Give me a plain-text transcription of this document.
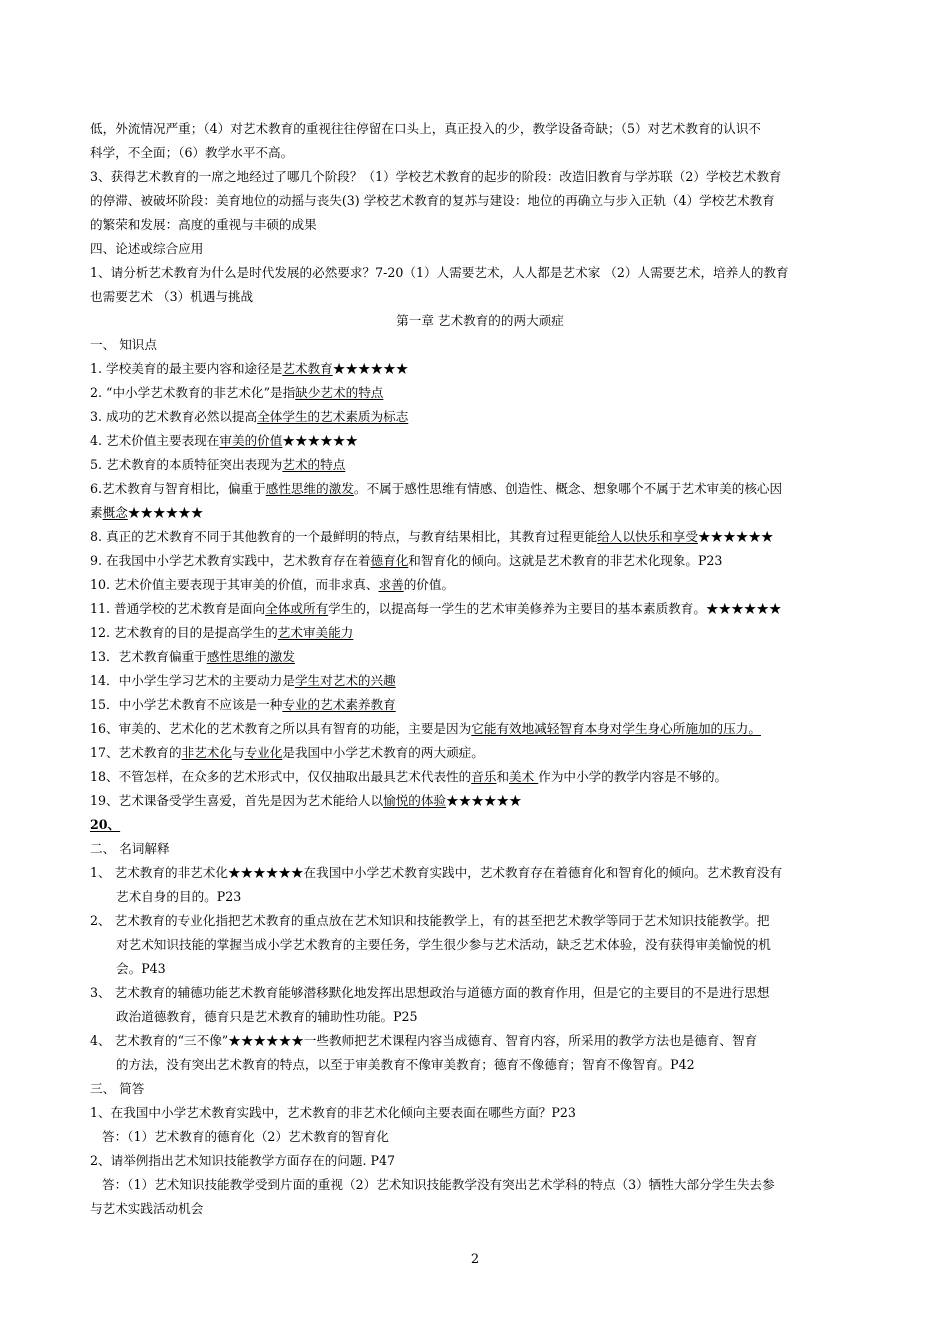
低，外流情况严重；（4）对艺术教育的重视往往停留在口头上，真正投入的少，教学设备奇缺；（5）对艺术教育的认识不
科学，不全面；（6）教学水平不高。
3、获得艺术教育的一席之地经过了哪几个阶段？（1）学校艺术教育的起步的阶段：改造旧教育与学苏联（2）学校艺术教育
的停滞、被破坏阶段：美育地位的动摇与丧失(3) 学校艺术教育的复苏与建设：地位的再确立与步入正轨（4）学校艺术教育
的繁荣和发展：高度的重视与丰硕的成果
四、论述或综合应用
1、请分析艺术教育为什么是时代发展的必然要求？7-20（1）人需要艺术，人人都是艺术家 （2）人需要艺术，培养人的教育
也需要艺术 （3）机遇与挑战
第一章 艺术教育的的两大顽症
一、 知识点
1. 学校美育的最主要内容和途径是艺术教育★★★★★★
2. “中小学艺术教育的非艺术化”是指缺少艺术的特点
3. 成功的艺术教育必然以提高全体学生的艺术素质为标志
4. 艺术价值主要表现在审美的价值★★★★★★
5. 艺术教育的本质特征突出表现为艺术的特点
6.艺术教育与智育相比，偏重于感性思维的激发。不属于感性思维有情感、创造性、概念、想象哪个不属于艺术审美的核心因
素概念★★★★★★
8. 真正的艺术教育不同于其他教育的一个最鲜明的特点，与教育结果相比，其教育过程更能给人以快乐和享受★★★★★★
9. 在我国中小学艺术教育实践中，艺术教育存在着德育化和智育化的倾向。这就是艺术教育的非艺术化现象。P23
10. 艺术价值主要表现于其审美的价值，而非求真、求善的价值。
11. 普通学校的艺术教育是面向全体或所有学生的，以提高每一学生的艺术审美修养为主要目的基本素质教育。★★★★★★
12. 艺术教育的目的是提高学生的艺术审美能力
13．艺术教育偏重于感性思维的激发
14．中小学生学习艺术的主要动力是学生对艺术的兴趣
15．中小学艺术教育不应该是一种专业的艺术素养教育
16、审美的、艺术化的艺术教育之所以具有智育的功能，主要是因为它能有效地减轻智育本身对学生身心所施加的压力。
17、艺术教育的非艺术化与专业化是我国中小学艺术教育的两大顽症。
18、不管怎样，在众多的艺术形式中，仅仅抽取出最具艺术代表性的音乐和美术 作为中小学的教学内容是不够的。
19、艺术课备受学生喜爱，首先是因为艺术能给人以愉悦的体验★★★★★★
20、
二、 名词解释
1、 艺术教育的非艺术化★★★★★★在我国中小学艺术教育实践中，艺术教育存在着德育化和智育化的倾向。艺术教育没有
艺术自身的目的。P23
2、 艺术教育的专业化指把艺术教育的重点放在艺术知识和技能教学上，有的甚至把艺术教学等同于艺术知识技能教学。把
对艺术知识技能的掌握当成小学艺术教育的主要任务，学生很少参与艺术活动，缺乏艺术体验，没有获得审美愉悦的机
会。P43
3、 艺术教育的辅德功能艺术教育能够潜移默化地发挥出思想政治与道德方面的教育作用，但是它的主要目的不是进行思想
政治道德教育，德育只是艺术教育的辅助性功能。P25
4、 艺术教育的“三不像”★★★★★★一些教师把艺术课程内容当成德育、智育内容，所采用的教学方法也是德育、智育
的方法，没有突出艺术教育的特点，以至于审美教育不像审美教育；德育不像德育；智育不像智育。P42
三、 简答
1、在我国中小学艺术教育实践中，艺术教育的非艺术化倾向主要表面在哪些方面？P23
答：（1）艺术教育的德育化（2）艺术教育的智育化
2、请举例指出艺术知识技能教学方面存在的问题. P47
答：（1）艺术知识技能教学受到片面的重视（2）艺术知识技能教学没有突出艺术学科的特点（3）牺牲大部分学生失去参
与艺术实践活动机会
2
